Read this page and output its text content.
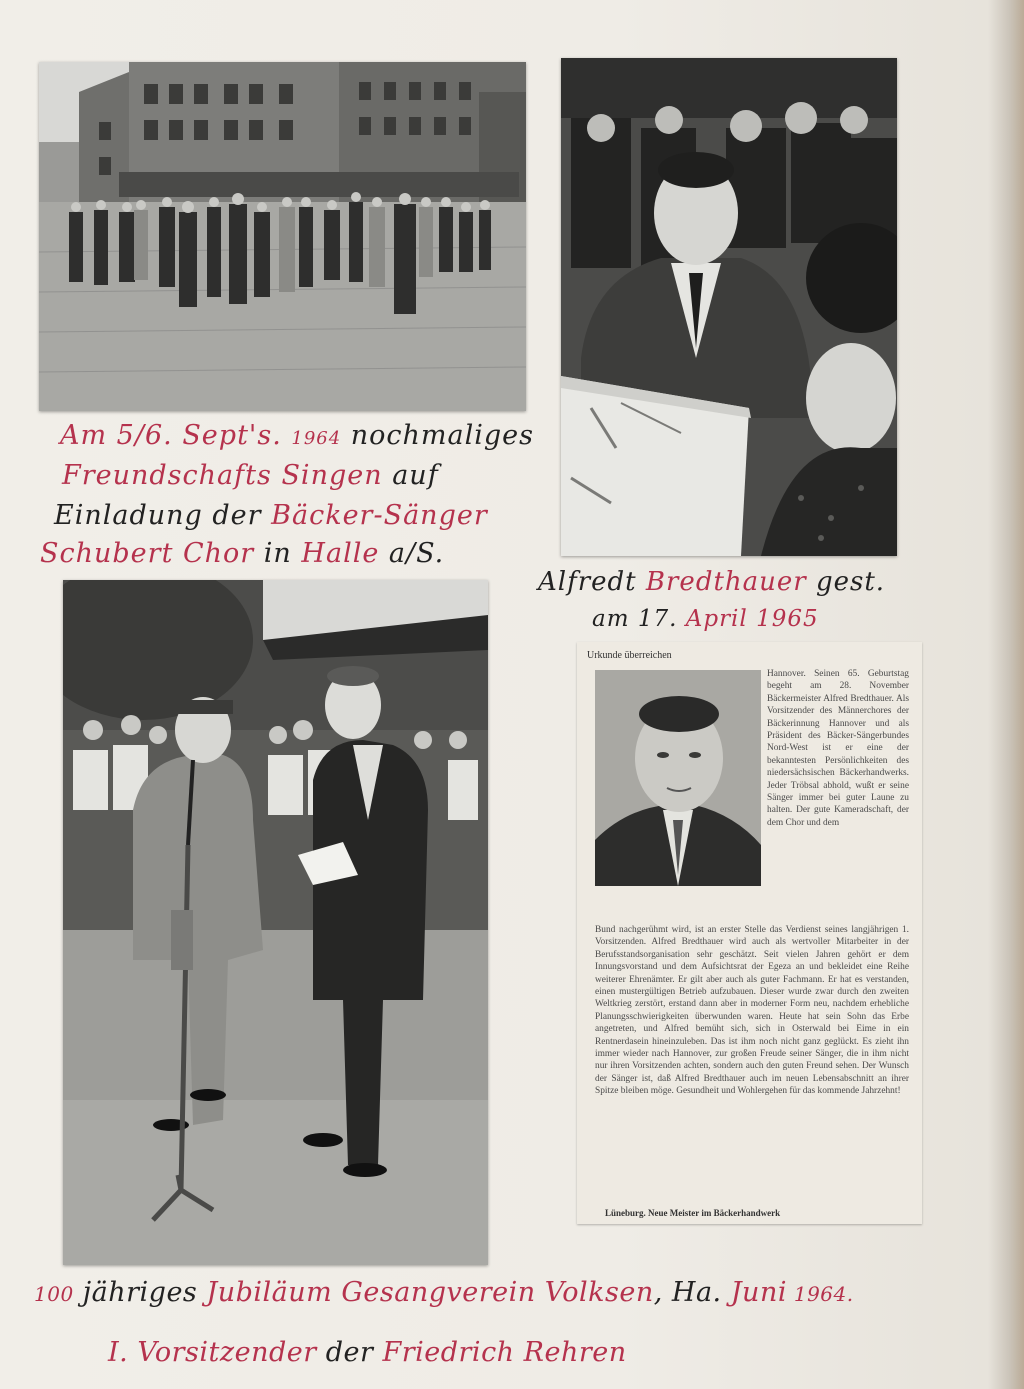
Am 5/6. Sept's. 1964 nochmaliges
Freundschafts Singen auf
Einladung der Bäcker-Sänger
Schubert Chor in Halle a/S.
Alfredt Bredthauer gest.
am 17. April 1965
Urkunde überreichen
Hannover. Seinen 65. Geburtstag begeht am 28. November Bäckermeister Alfred Bredthauer. Als Vorsitzender des Männerchores der Bäckerinnung Hannover und als Präsident des Bäcker-Sängerbundes Nord-West ist er eine der bekanntesten Persönlichkeiten des niedersächsischen Bäckerhandwerks. Jeder Tröbsal abhold, wußt er seine Sänger immer bei guter Laune zu halten. Der gute Kameradschaft, der dem Chor und dem
Bund nachgerühmt wird, ist an erster Stelle das Verdienst seines langjährigen 1. Vorsitzenden. Alfred Bredthauer wird auch als wertvoller Mitarbeiter in der Berufsstandsorganisation sehr geschätzt. Seit vielen Jahren gehört er dem Innungsvorstand und dem Aufsichtsrat der Egeza an und bekleidet eine Reihe weiterer Ehrenämter. Er gilt aber auch als guter Fachmann. Er hat es verstanden, einen mustergültigen Betrieb aufzubauen. Dieser wurde zwar durch den zweiten Weltkrieg zerstört, erstand dann aber in moderner Form neu, nachdem erhebliche Planungsschwierigkeiten überwunden waren. Heute hat sein Sohn das Erbe angetreten, und Alfred bemüht sich, sich in Osterwald bei Eime in ein Rentnerdasein hineinzuleben. Das ist ihm noch nicht ganz geglückt. Es zieht ihn immer wieder nach Hannover, zur großen Freude seiner Sänger, die in ihm nicht nur ihren Vorsitzenden achten, sondern auch den guten Freund sehen. Der Wunsch der Sänger ist, daß Alfred Bredthauer auch im neuen Lebensabschnitt an ihrer Spitze bleiben möge. Gesundheit und Wohlergehen für das kommende Jahrzehnt!
Lüneburg. Neue Meister im Bäckerhandwerk
100 jähriges Jubiläum Gesangverein Volksen, Ha. Juni 1964.
I. Vorsitzender der Friedrich Rehren
